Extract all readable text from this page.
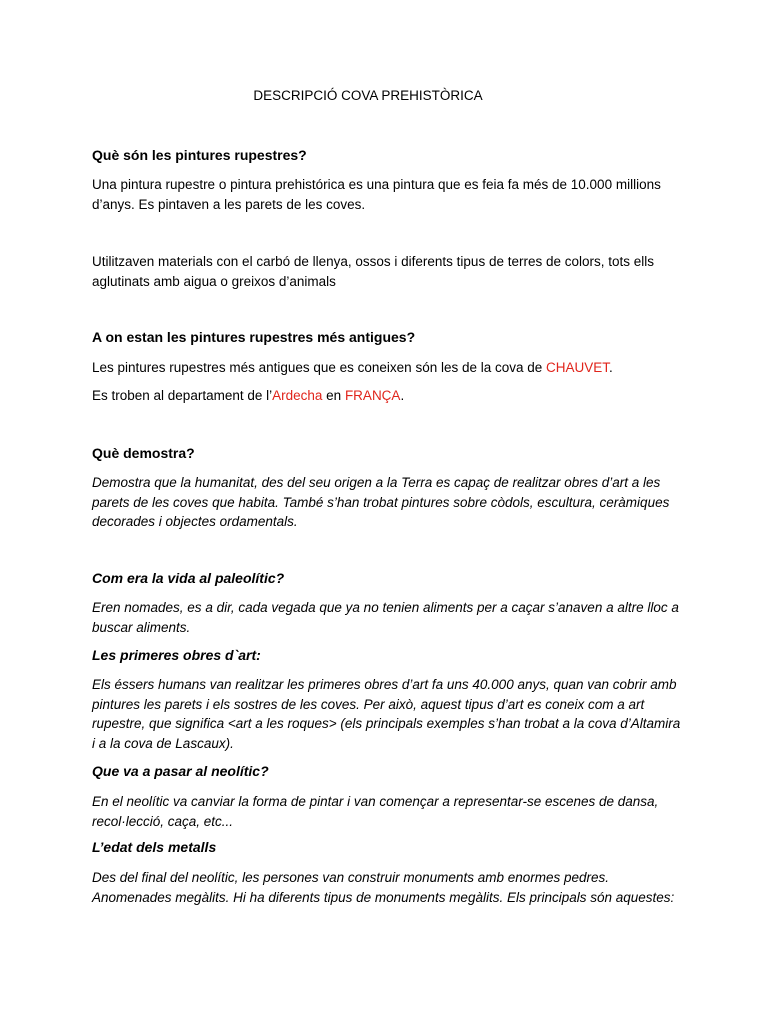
DESCRIPCIÓ COVA PREHISTÒRICA

Què són les pintures rupestres?

Una pintura rupestre o pintura prehistórica es una pintura que es feia fa més de 10.000 millions d’anys. Es pintaven a les parets de les coves.

Utilitzaven materials con el carbó de llenya, ossos i diferents tipus de terres de colors, tots ells aglutinats amb aigua o greixos d’animals

A on estan les pintures rupestres més antigues?

Les pintures rupestres més antigues que es coneixen són les de la cova de CHAUVET.

Es troben al departament de l’Ardecha en FRANÇA.

Què demostra?

Demostra que la humanitat, des del seu origen a la Terra es capaç de realitzar obres d’art a les parets de les coves que habita. També s’han trobat pintures sobre còdols, escultura, ceràmiques decorades i objectes ordamentals.

Com era la vida al paleolític?

Eren nomades, es a dir, cada vegada que ya no tenien aliments per a caçar s’anaven a altre lloc a buscar aliments.

Les primeres obres d`art:

Els éssers humans van realitzar les primeres obres d’art fa uns 40.000 anys, quan van cobrir amb pintures les parets i els sostres de les coves. Per això, aquest tipus d’art es coneix com a art rupestre, que significa <art a les roques> (els principals exemples s’han trobat a la cova d’Altamira i a la cova de Lascaux).

Que va a pasar al neolític?

En el neolític va canviar la forma de pintar i van començar a representar-se escenes de dansa, recol·lecció, caça, etc...

L’edat dels metalls

Des del final del neolític, les persones van construir monuments amb enormes pedres. Anomenades megàlits. Hi ha diferents tipus de monuments megàlits. Els principals són aquestes:
